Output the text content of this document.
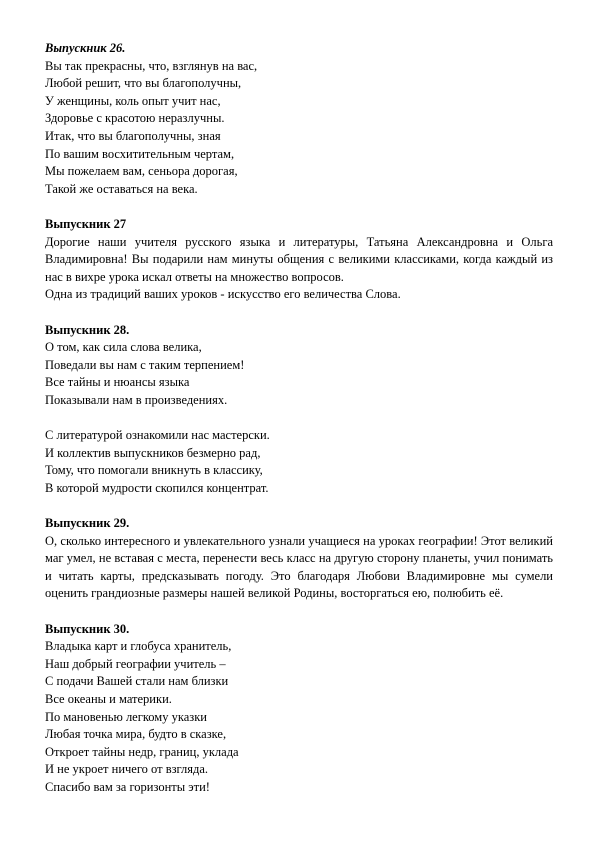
Выпускник 26.
Вы так прекрасны, что, взглянув на вас,
Любой решит, что вы благополучны,
У женщины, коль опыт учит нас,
Здоровье с красотою неразлучны.
Итак, что вы благополучны, зная
По вашим восхитительным чертам,
Мы пожелаем вам, сеньора дорогая,
Такой же оставаться на века.
Выпускник 27
Дорогие наши учителя русского языка и литературы, Татьяна Александровна и Ольга Владимировна! Вы подарили нам минуты общения с великими классиками, когда каждый из нас в вихре урока искал ответы на множество вопросов.
Одна из традиций ваших уроков - искусство его величества Слова.
Выпускник 28.
О том, как сила слова велика,
Поведали вы нам с таким терпением!
Все тайны и нюансы языка
Показывали нам в произведениях.
С литературой ознакомили нас мастерски.
И коллектив выпускников безмерно рад,
Тому, что помогали вникнуть в классику,
В которой мудрости скопился концентрат.
Выпускник 29.
О, сколько интересного и увлекательного узнали учащиеся на уроках географии! Этот великий маг умел, не вставая с места, перенести весь класс на другую сторону планеты, учил понимать и читать карты, предсказывать погоду. Это благодаря Любови Владимировне мы сумели оценить грандиозные размеры нашей великой Родины, восторгаться ею, полюбить её.
Выпускник 30.
Владыка карт и глобуса хранитель,
Наш добрый географии учитель –
С подачи Вашей стали нам близки
Все океаны и материки.
По мановенью легкому указки
Любая точка мира, будто в сказке,
Откроет тайны недр, границ, уклада
И не укроет ничего от взгляда.
Спасибо вам за горизонты эти!
